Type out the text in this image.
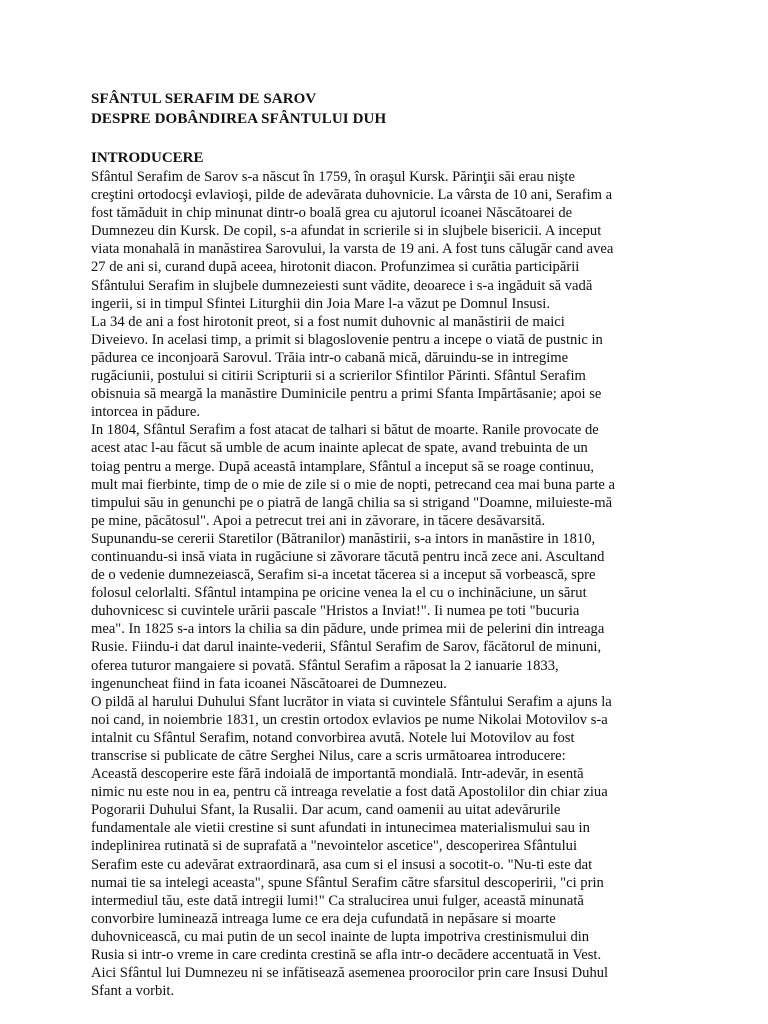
SFÂNTUL SERAFIM DE SAROV
DESPRE DOBÂNDIREA SFÂNTULUI DUH
INTRODUCERE
Sfântul Serafim de Sarov s-a născut în 1759, în oraşul Kursk. Părinţii săi erau nişte
creştini ortodocşi evlavioşi, pilde de adevărata duhovnicie. La vârsta de 10 ani, Serafim a
fost tămăduit in chip minunat dintr-o boală grea cu ajutorul icoanei Născătoarei de
Dumnezeu din Kursk. De copil, s-a afundat in scrierile si in slujbele bisericii. A inceput
viata monahală in manăstirea Sarovului, la varsta de 19 ani. A fost tuns călugăr cand avea
27 de ani si, curand după aceea, hirotonit diacon. Profunzimea si curătia participării
Sfântului Serafim in slujbele dumnezeiesti sunt vădite, deoarece i s-a ingăduit să vadă
ingerii, si in timpul Sfintei Liturghii din Joia Mare l-a văzut pe Domnul Insusi.
La 34 de ani a fost hirotonit preot, si a fost numit duhovnic al manăstirii de maici
Diveievo. In acelasi timp, a primit si blagoslovenie pentru a incepe o viată de pustnic in
pădurea ce inconjoară Sarovul. Trăia intr-o cabană mică, dăruindu-se in intregime
rugăciunii, postului si citirii Scripturii si a scrierilor Sfintilor Părinti. Sfântul Serafim
obisnuia să meargă la manăstire Duminicile pentru a primi Sfanta Impărtăsanie; apoi se
intorcea in pădure.
In 1804, Sfântul Serafim a fost atacat de talhari si bătut de moarte. Ranile provocate de
acest atac l-au făcut să umble de acum inainte aplecat de spate, avand trebuinta de un
toiag pentru a merge. După această intamplare, Sfântul a inceput să se roage continuu,
mult mai fierbinte, timp de o mie de zile si o mie de nopti, petrecand cea mai buna parte a
timpului său in genunchi pe o piatră de langă chilia sa si strigand "Doamne, miluieste-mă
pe mine, păcătosul". Apoi a petrecut trei ani in zăvorare, in tăcere desăvarsită.
Supunandu-se cererii Staretilor (Bătranilor) manăstirii, s-a intors in manăstire in 1810,
continuandu-si insă viata in rugăciune si zăvorare tăcută pentru incă zece ani. Ascultand
de o vedenie dumnezeiască, Serafim si-a incetat tăcerea si a inceput să vorbească, spre
folosul celorlalti. Sfântul intampina pe oricine venea la el cu o inchinăciune, un sărut
duhovnicesc si cuvintele urării pascale "Hristos a Inviat!". Ii numea pe toti "bucuria
mea". In 1825 s-a intors la chilia sa din pădure, unde primea mii de pelerini din intreaga
Rusie. Fiindu-i dat darul inainte-vederii, Sfântul Serafim de Sarov, făcătorul de minuni,
oferea tuturor mangaiere si povată. Sfântul Serafim a răposat la 2 ianuarie 1833,
ingenuncheat fiind in fata icoanei Născătoarei de Dumnezeu.
O pildă al harului Duhului Sfant lucrător in viata si cuvintele Sfântului Serafim a ajuns la
noi cand, in noiembrie 1831, un crestin ortodox evlavios pe nume Nikolai Motovilov s-a
intalnit cu Sfântul Serafim, notand convorbirea avută. Notele lui Motovilov au fost
transcrise si publicate de către Serghei Nilus, care a scris următoarea introducere:
Această descoperire este fără indoială de importantă mondială. Intr-adevăr, in esentă
nimic nu este nou in ea, pentru că intreaga revelatie a fost dată Apostolilor din chiar ziua
Pogorarii Duhului Sfant, la Rusalii. Dar acum, cand oamenii au uitat adevărurile
fundamentale ale vietii crestine si sunt afundati in intunecimea materialismului sau in
indeplinirea rutinată si de suprafată a "nevointelor ascetice", descoperirea Sfântului
Serafim este cu adevărat extraordinară, asa cum si el insusi a socotit-o. "Nu-ti este dat
numai tie sa intelegi aceasta", spune Sfântul Serafim către sfarsitul descoperirii, "ci prin
intermediul tău, este dată intregii lumi!" Ca stralucirea unui fulger, această minunată
convorbire luminează intreaga lume ce era deja cufundată in nepăsare si moarte
duhovnicească, cu mai putin de un secol inainte de lupta impotriva crestinismului din
Rusia si intr-o vreme in care credinta crestină se afla intr-o decădere accentuată in Vest.
Aici Sfântul lui Dumnezeu ni se infătisează asemenea proorocilor prin care Insusi Duhul
Sfant a vorbit.
